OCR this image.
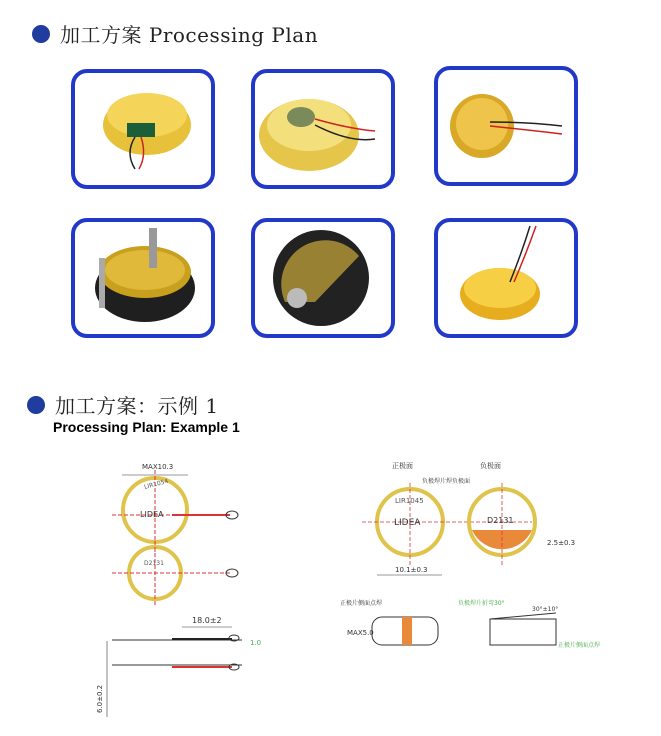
加工方案 Processing Plan
加工方案：示例 1
Processing Plan: Example 1
MAX10.3
LIR1054
LIDEA
D2131
18.0±2
1.0
6.0±0.2
正极面	负极面
负极焊片焊负极面
LIR1045
LIDEA	D2131
10.1±0.3
2.5±0.3
正极片侧面点焊
MAX5.0
负极焊片折弯30°
30°±10°
正极片侧面点焊
